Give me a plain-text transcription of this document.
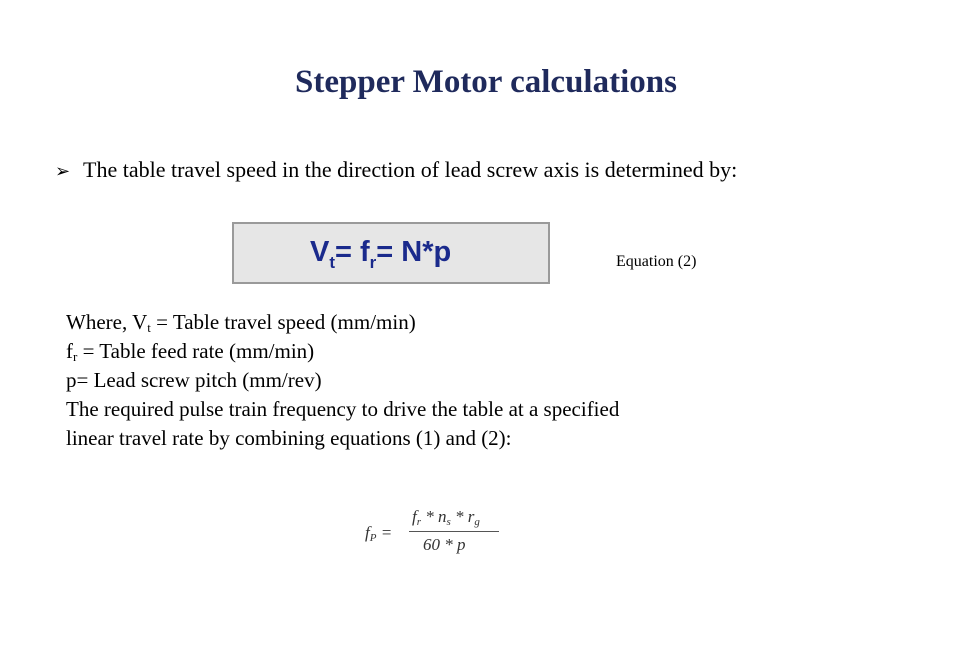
Stepper Motor calculations
➢ The table travel speed in the direction of lead screw axis is determined by:
$V_t= f_r= N*p$	Equation (2)
Where, $V_t$ = Table travel speed (mm/min)
$f_r$ = Table feed rate (mm/min)
p= Lead screw pitch (mm/rev)
The required pulse train frequency to drive the table at a specified
linear travel rate by combining equations (1) and (2):
$f_P$ =
$f_r * n_s * r_g$
60 * p
